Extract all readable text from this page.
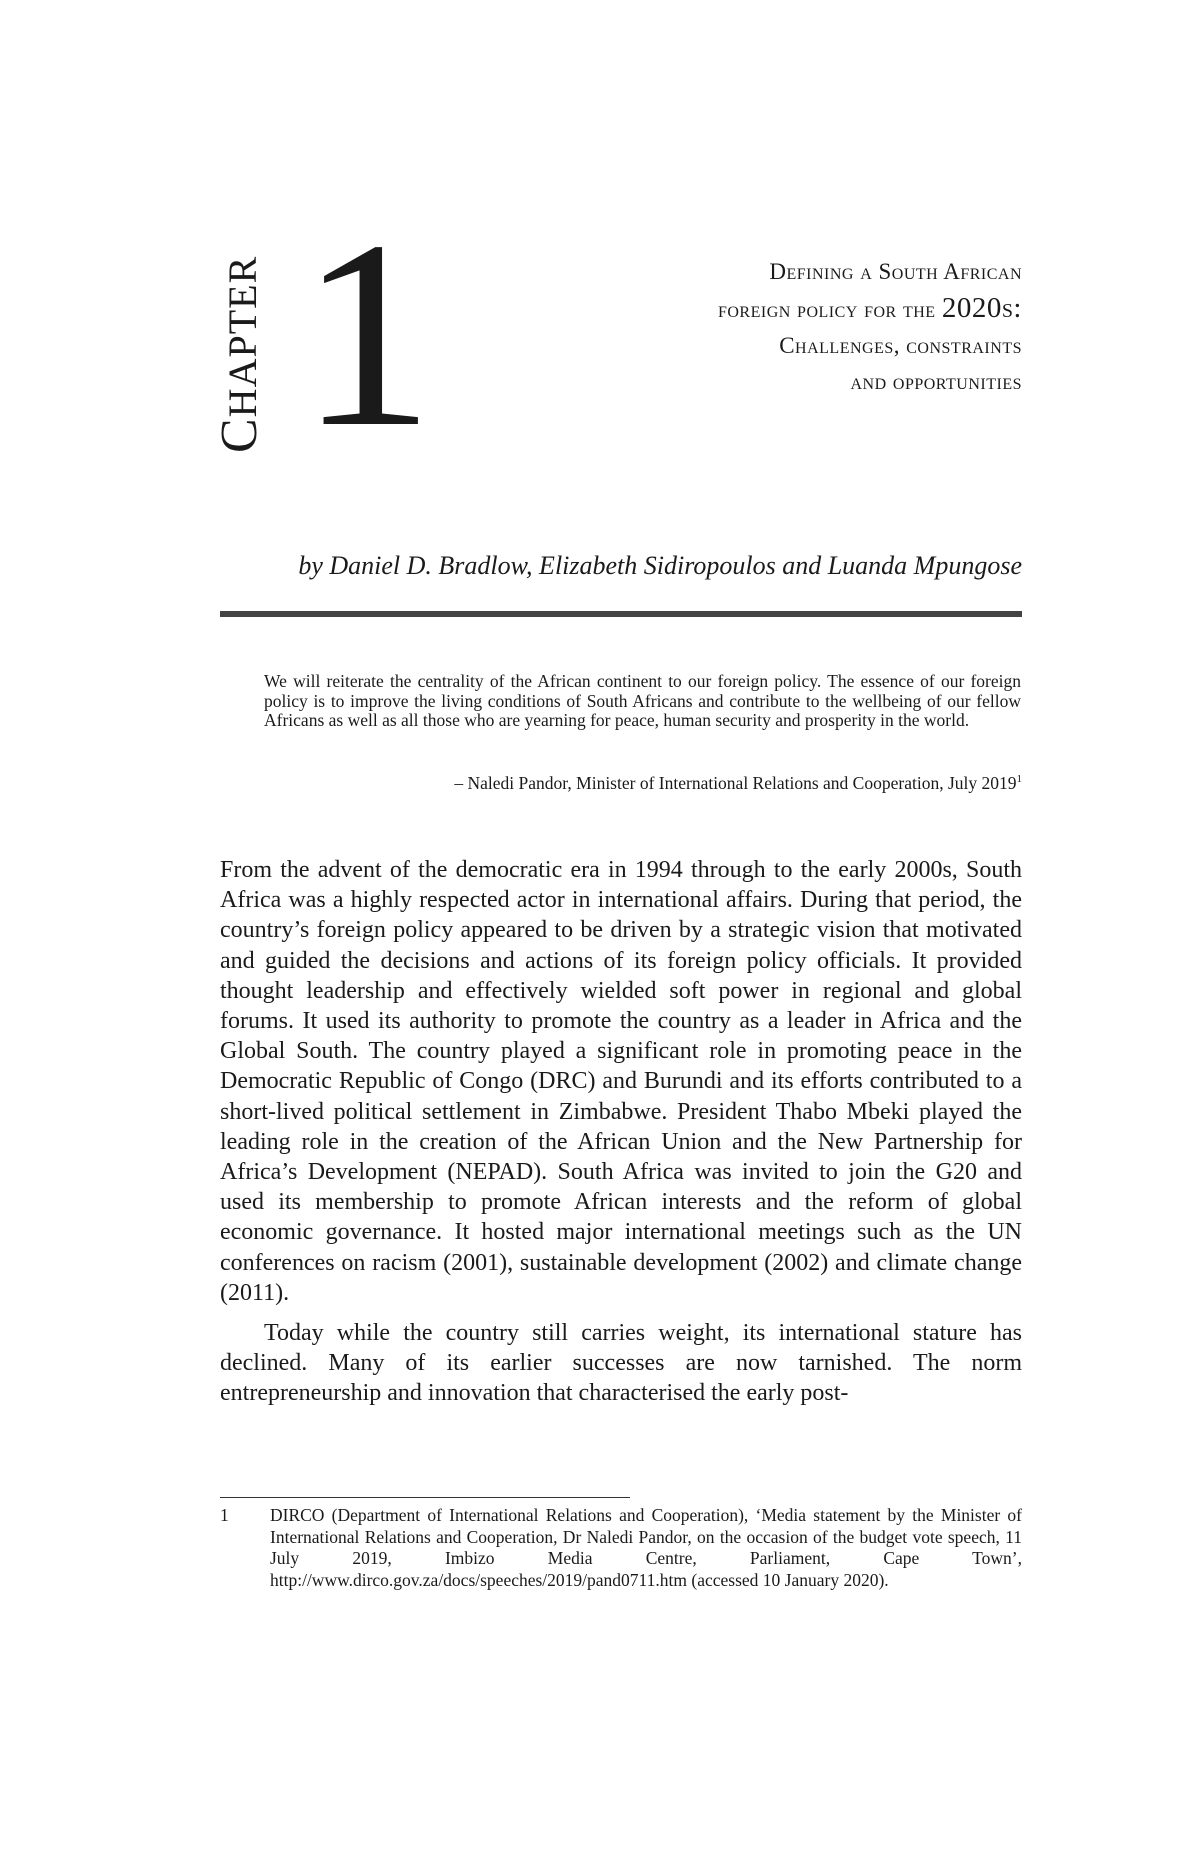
CHAPTER 1	Defining a South African
foreign policy for the 2020s:
Challenges, constraints
and opportunities
by Daniel D. Bradlow, Elizabeth Sidiropoulos and Luanda Mpungose
We will reiterate the centrality of the African continent to our foreign policy. The essence of our foreign policy is to improve the living conditions of South Africans and contribute to the wellbeing of our fellow Africans as well as all those who are yearning for peace, human security and prosperity in the world.
– Naledi Pandor, Minister of International Relations and Cooperation, July 2019$^1$

From the advent of the democratic era in 1994 through to the early 2000s, South Africa was a highly respected actor in international affairs. During that period, the country’s foreign policy appeared to be driven by a strategic vision that motivated and guided the decisions and actions of its foreign policy officials. It provided thought leadership and effectively wielded soft power in regional and global forums. It used its authority to promote the country as a leader in Africa and the Global South. The country played a significant role in promoting peace in the Democratic Republic of Congo (DRC) and Burundi and its efforts contributed to a short-lived political settlement in Zimbabwe. President Thabo Mbeki played the leading role in the creation of the African Union and the New Partnership for Africa’s Development (NEPAD). South Africa was invited to join the G20 and used its membership to promote African interests and the reform of global economic governance. It hosted major international meetings such as the UN conferences on racism (2001), sustainable development (2002) and climate change (2011).

Today while the country still carries weight, its international stature has declined. Many of its earlier successes are now tarnished. The norm entrepreneurship and innovation that characterised the early post-

1	DIRCO (Department of International Relations and Cooperation), ‘Media statement by the Minister of International Relations and Cooperation, Dr Naledi Pandor, on the occasion of the budget vote speech, 11 July 2019, Imbizo Media Centre, Parliament, Cape Town’, http://www.dirco.gov.za/docs/speeches/2019/pand0711.htm (accessed 10 January 2020).
